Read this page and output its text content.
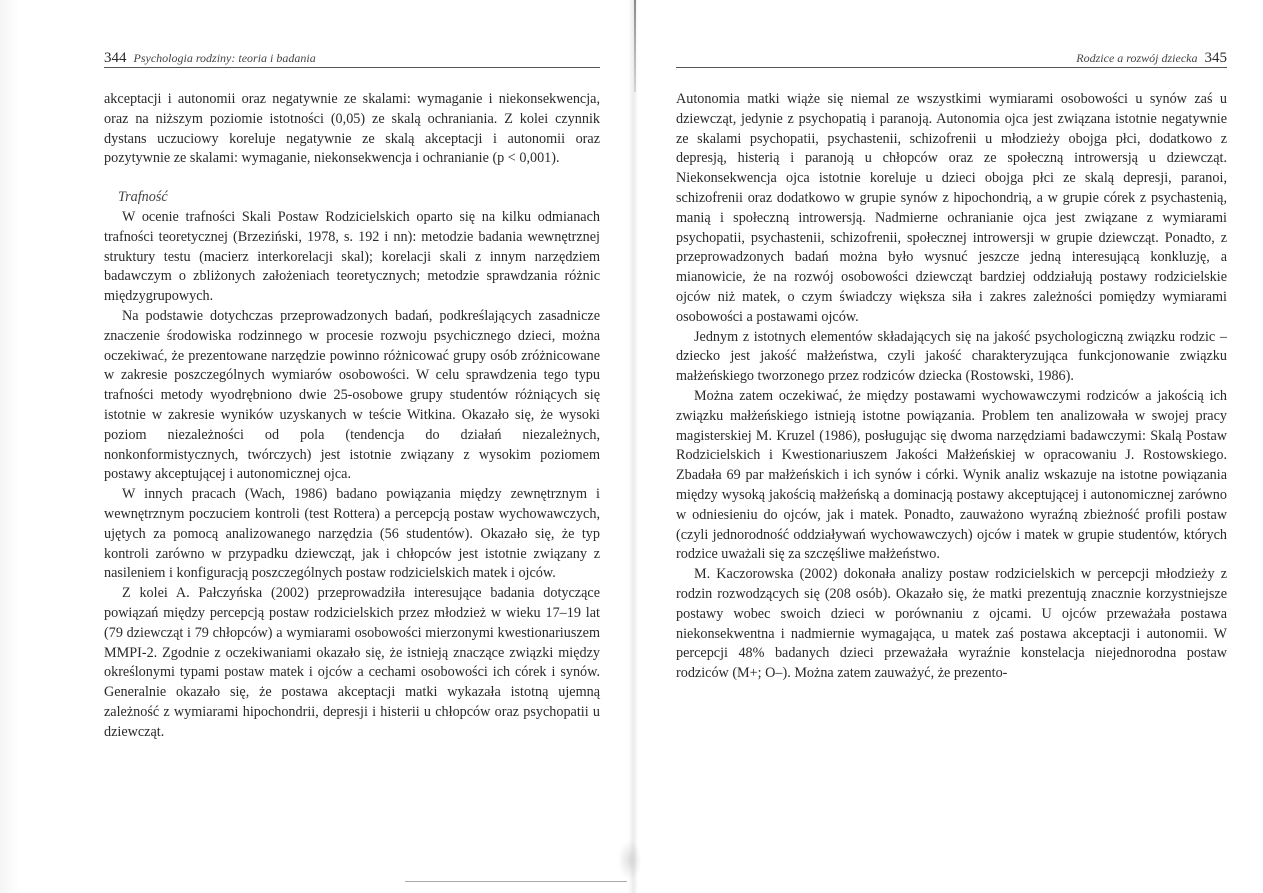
344 Psychologia rodziny: teoria i badania

akceptacji i autonomii oraz negatywnie ze skalami: wymaganie i niekonsekwencja, oraz na niższym poziomie istotności (0,05) ze skalą ochraniania. Z kolei czynnik dystans uczuciowy koreluje negatywnie ze skalą akceptacji i autonomii oraz pozytywnie ze skalami: wymaganie, niekonsekwencja i ochranianie (p < 0,001).

Trafność

W ocenie trafności Skali Postaw Rodzicielskich oparto się na kilku odmianach trafności teoretycznej (Brzeziński, 1978, s. 192 i nn): metodzie badania wewnętrznej struktury testu (macierz interkorelacji skal); korelacji skali z innym narzędziem badawczym o zbliżonych założeniach teoretycznych; metodzie sprawdzania różnic międzygrupowych.

Na podstawie dotychczas przeprowadzonych badań, podkreślających zasadnicze znaczenie środowiska rodzinnego w procesie rozwoju psychicznego dzieci, można oczekiwać, że prezentowane narzędzie powinno różnicować grupy osób zróżnicowane w zakresie poszczególnych wymiarów osobowości. W celu sprawdzenia tego typu trafności metody wyodrębniono dwie 25-osobowe grupy studentów różniących się istotnie w zakresie wyników uzyskanych w teście Witkina. Okazało się, że wysoki poziom niezależności od pola (tendencja do działań niezależnych, nonkonformistycznych, twórczych) jest istotnie związany z wysokim poziomem postawy akceptującej i autonomicznej ojca.

W innych pracach (Wach, 1986) badano powiązania między zewnętrznym i wewnętrznym poczuciem kontroli (test Rottera) a percepcją postaw wychowawczych, ujętych za pomocą analizowanego narzędzia (56 studentów). Okazało się, że typ kontroli zarówno w przypadku dziewcząt, jak i chłopców jest istotnie związany z nasileniem i konfiguracją poszczególnych postaw rodzicielskich matek i ojców.

Z kolei A. Pałczyńska (2002) przeprowadziła interesujące badania dotyczące powiązań między percepcją postaw rodzicielskich przez młodzież w wieku 17–19 lat (79 dziewcząt i 79 chłopców) a wymiarami osobowości mierzonymi kwestionariuszem MMPI-2. Zgodnie z oczekiwaniami okazało się, że istnieją znaczące związki między określonymi typami postaw matek i ojców a cechami osobowości ich córek i synów. Generalnie okazało się, że postawa akceptacji matki wykazała istotną ujemną zależność z wymiarami hipochondrii, depresji i histerii u chłopców oraz psychopatii u dziewcząt.

Rodzice a rozwój dziecka 345

Autonomia matki wiąże się niemal ze wszystkimi wymiarami osobowości u synów zaś u dziewcząt, jedynie z psychopatią i paranoją. Autonomia ojca jest związana istotnie negatywnie ze skalami psychopatii, psychastenii, schizofrenii u młodzieży obojga płci, dodatkowo z depresją, histerią i paranoją u chłopców oraz ze społeczną introwersją u dziewcząt. Niekonsekwencja ojca istotnie koreluje u dzieci obojga płci ze skalą depresji, paranoi, schizofrenii oraz dodatkowo w grupie synów z hipochondrią, a w grupie córek z psychastenią, manią i społeczną introwersją. Nadmierne ochranianie ojca jest związane z wymiarami psychopatii, psychastenii, schizofrenii, społecznej introwersji w grupie dziewcząt. Ponadto, z przeprowadzonych badań można było wysnuć jeszcze jedną interesującą konkluzję, a mianowicie, że na rozwój osobowości dziewcząt bardziej oddziałują postawy rodzicielskie ojców niż matek, o czym świadczy większa siła i zakres zależności pomiędzy wymiarami osobowości a postawami ojców.

Jednym z istotnych elementów składających się na jakość psychologiczną związku rodzic – dziecko jest jakość małżeństwa, czyli jakość charakteryzująca funkcjonowanie związku małżeńskiego tworzonego przez rodziców dziecka (Rostowski, 1986).

Można zatem oczekiwać, że między postawami wychowawczymi rodziców a jakością ich związku małżeńskiego istnieją istotne powiązania. Problem ten analizowała w swojej pracy magisterskiej M. Kruzel (1986), posługując się dwoma narzędziami badawczymi: Skalą Postaw Rodzicielskich i Kwestionariuszem Jakości Małżeńskiej w opracowaniu J. Rostowskiego. Zbadała 69 par małżeńskich i ich synów i córki. Wynik analiz wskazuje na istotne powiązania między wysoką jakością małżeńską a dominacją postawy akceptującej i autonomicznej zarówno w odniesieniu do ojców, jak i matek. Ponadto, zauważono wyraźną zbieżność profili postaw (czyli jednorodność oddziaływań wychowawczych) ojców i matek w grupie studentów, których rodzice uważali się za szczęśliwe małżeństwo.

M. Kaczorowska (2002) dokonała analizy postaw rodzicielskich w percepcji młodzieży z rodzin rozwodzących się (208 osób). Okazało się, że matki prezentują znacznie korzystniejsze postawy wobec swoich dzieci w porównaniu z ojcami. U ojców przeważała postawa niekonsekwentna i nadmiernie wymagająca, u matek zaś postawa akceptacji i autonomii. W percepcji 48% badanych dzieci przeważała wyraźnie konstelacja niejednorodna postaw rodziców (M+; O–). Można zatem zauważyć, że prezento-
